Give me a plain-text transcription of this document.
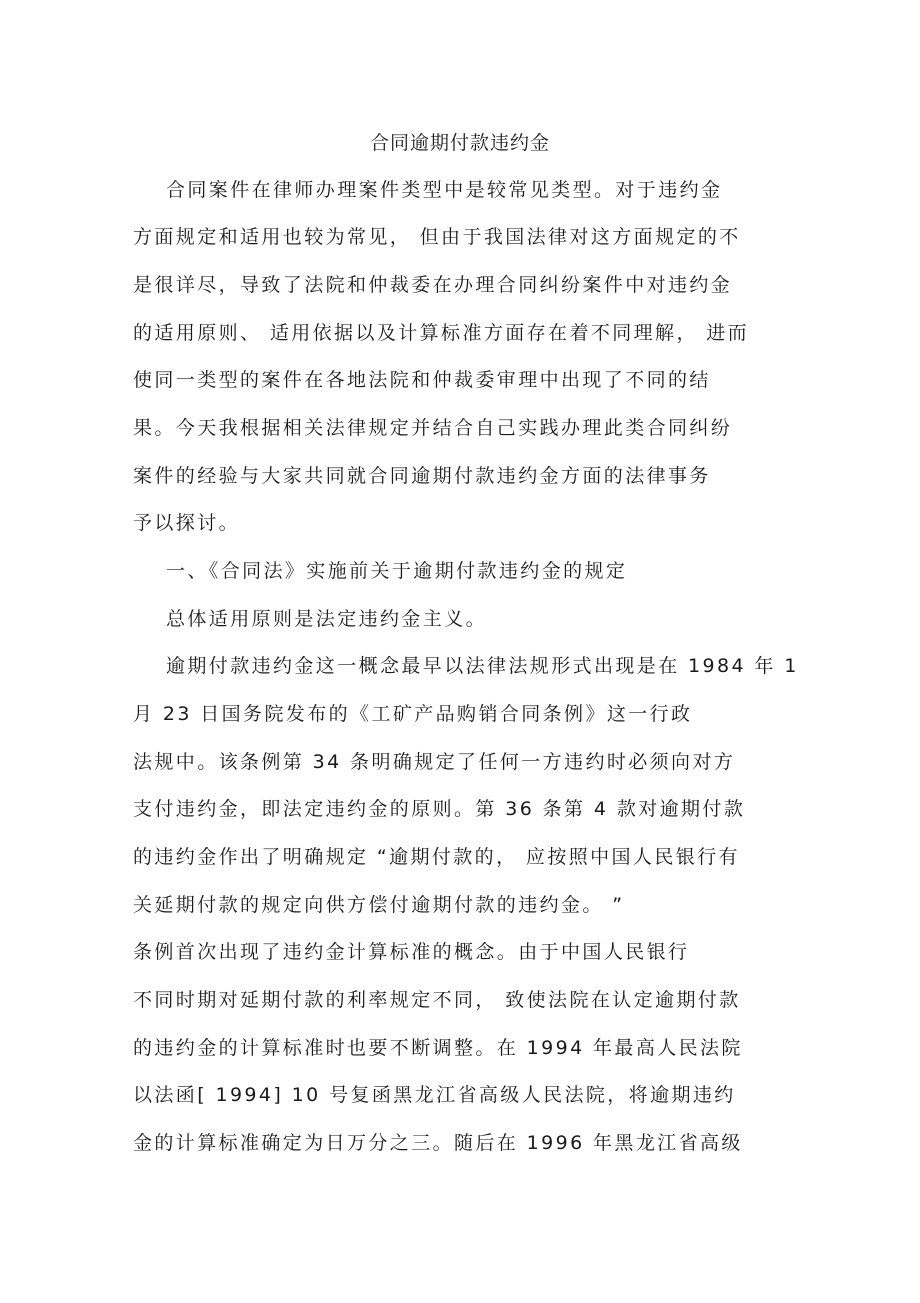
合同逾期付款违约金
合同案件在律师办理案件类型中是较常见类型。对于违约金
方面规定和适用也较为常见， 但由于我国法律对这方面规定的不
是很详尽，导致了法院和仲裁委在办理合同纠纷案件中对违约金
的适用原则、 适用依据以及计算标准方面存在着不同理解， 进而
使同一类型的案件在各地法院和仲裁委审理中出现了不同的结
果。今天我根据相关法律规定并结合自己实践办理此类合同纠纷
案件的经验与大家共同就合同逾期付款违约金方面的法律事务
予以探讨。
一、《合同法》实施前关于逾期付款违约金的规定
总体适用原则是法定违约金主义。
逾期付款违约金这一概念最早以法律法规形式出现是在 1984 年 1
月 23 日国务院发布的《工矿产品购销合同条例》这一行政
法规中。该条例第 34 条明确规定了任何一方违约时必须向对方
支付违约金，即法定违约金的原则。第 36 条第 4 款对逾期付款
的违约金作出了明确规定 “逾期付款的， 应按照中国人民银行有
关延期付款的规定向供方偿付逾期付款的违约金。 ”
条例首次出现了违约金计算标准的概念。由于中国人民银行
不同时期对延期付款的利率规定不同， 致使法院在认定逾期付款
的违约金的计算标准时也要不断调整。在 1994 年最高人民法院
以法函[ 1994] 10 号复函黑龙江省高级人民法院，将逾期违约
金的计算标准确定为日万分之三。随后在 1996 年黑龙江省高级
